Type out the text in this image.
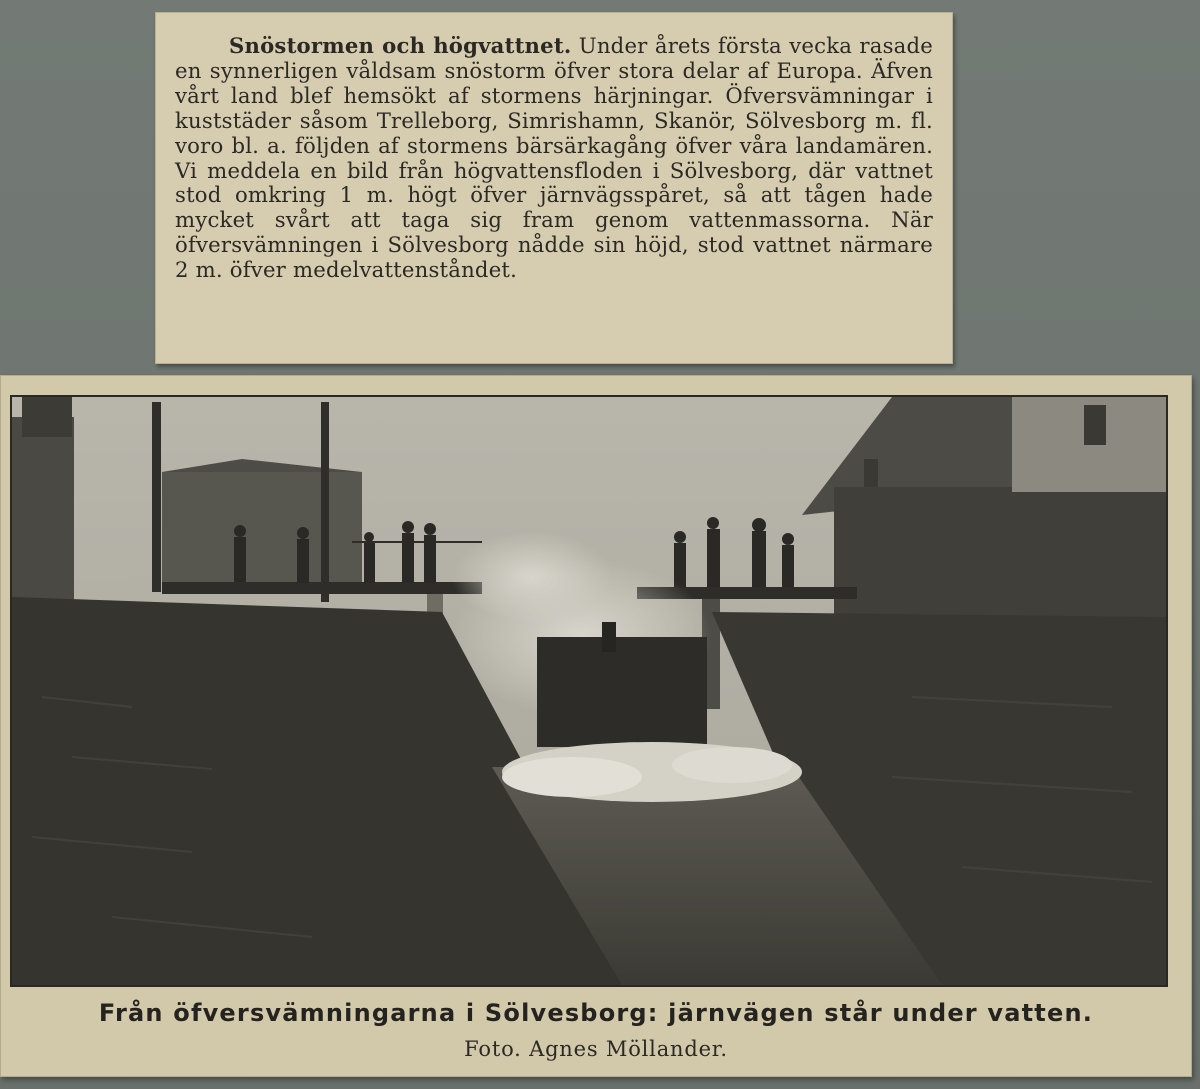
Snöstormen och högvattnet. Under årets första vecka rasade en synnerligen våldsam snöstorm öfver stora delar af Europa. Äfven vårt land blef hemsökt af stormens härjningar. Öfversvämningar i kuststäder såsom Trelleborg, Simrishamn, Skanör, Sölvesborg m. fl. voro bl. a. följden af stormens bärsärkagång öfver våra landamären. Vi meddela en bild från högvattensfloden i Sölvesborg, där vattnet stod omkring 1 m. högt öfver järnvägsspåret, så att tågen hade mycket svårt att taga sig fram genom vattenmassorna. När öfversvämningen i Sölvesborg nådde sin höjd, stod vattnet närmare 2 m. öfver medelvattenståndet.

Från öfversvämningarna i Sölvesborg: järnvägen står under vatten.
Foto. Agnes Möllander.
